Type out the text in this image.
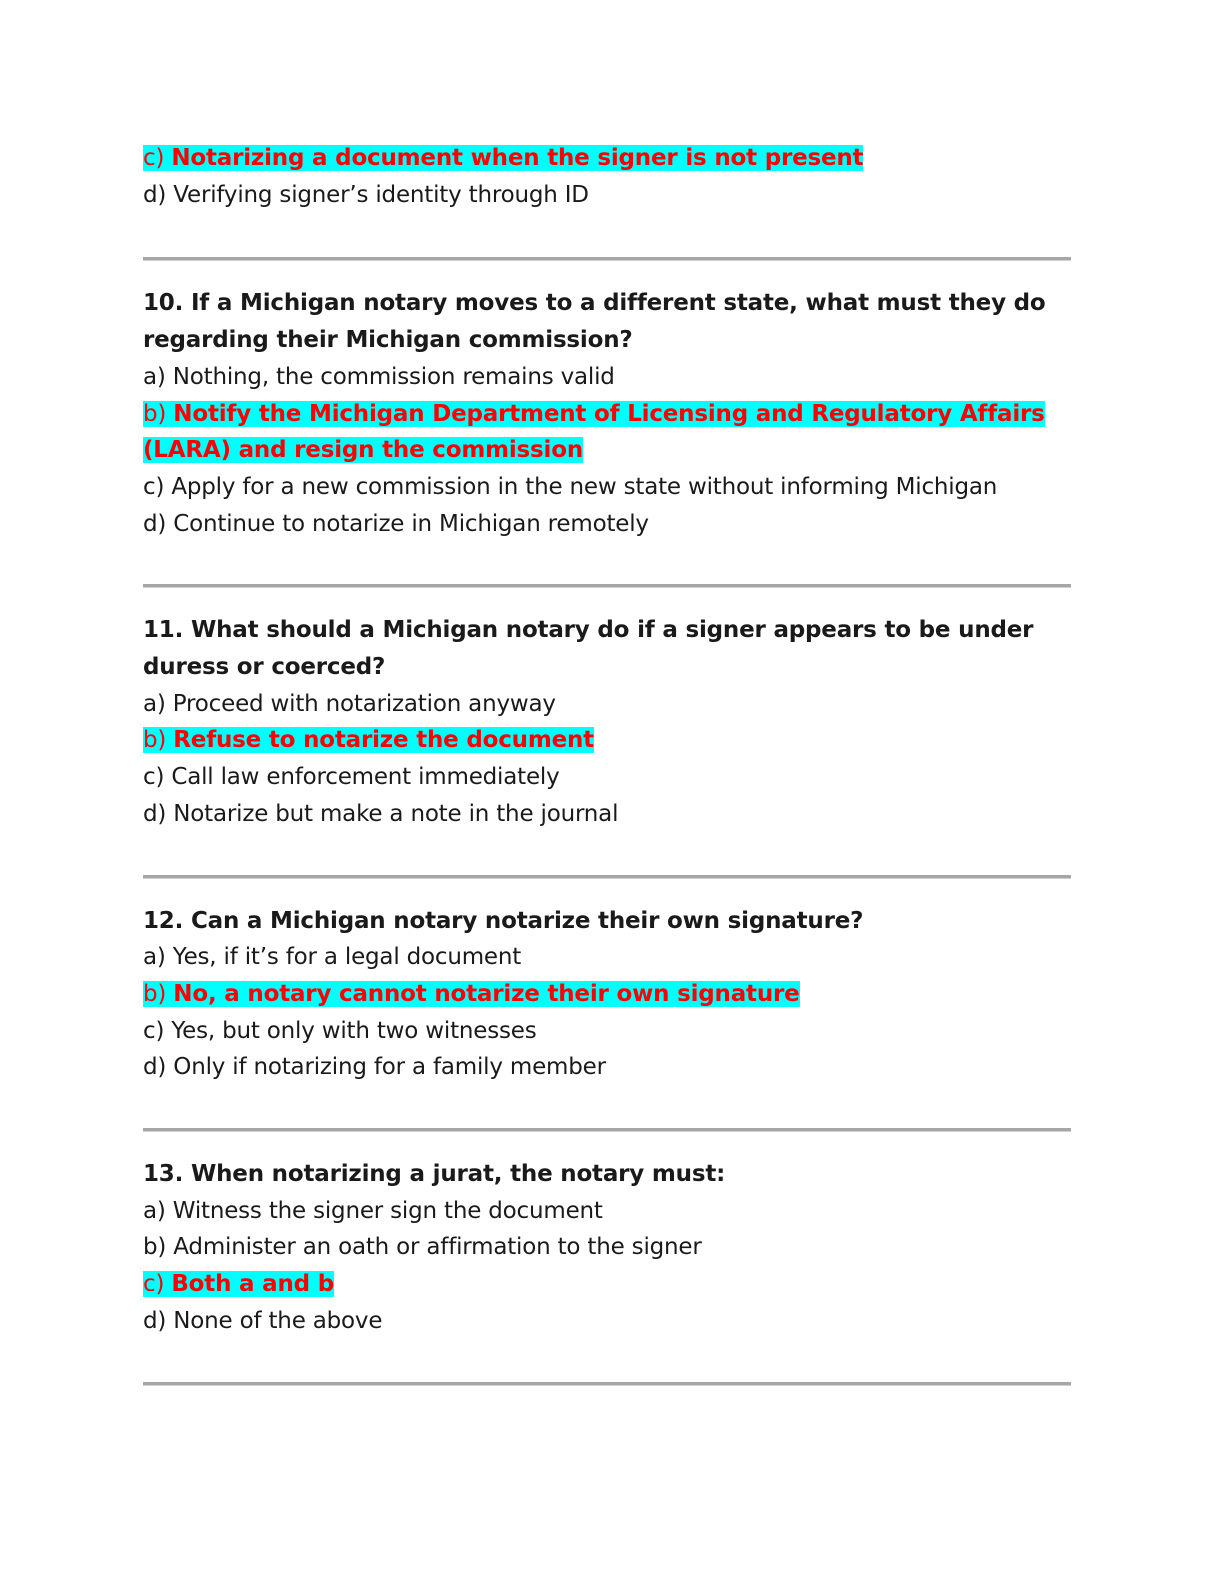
c) Notarizing a document when the signer is not present
d) Verifying signer’s identity through ID
10. If a Michigan notary moves to a different state, what must they do regarding their Michigan commission?
a) Nothing, the commission remains valid
b) Notify the Michigan Department of Licensing and Regulatory Affairs (LARA) and resign the commission
c) Apply for a new commission in the new state without informing Michigan
d) Continue to notarize in Michigan remotely
11. What should a Michigan notary do if a signer appears to be under duress or coerced?
a) Proceed with notarization anyway
b) Refuse to notarize the document
c) Call law enforcement immediately
d) Notarize but make a note in the journal
12. Can a Michigan notary notarize their own signature?
a) Yes, if it’s for a legal document
b) No, a notary cannot notarize their own signature
c) Yes, but only with two witnesses
d) Only if notarizing for a family member
13. When notarizing a jurat, the notary must:
a) Witness the signer sign the document
b) Administer an oath or affirmation to the signer
c) Both a and b
d) None of the above
